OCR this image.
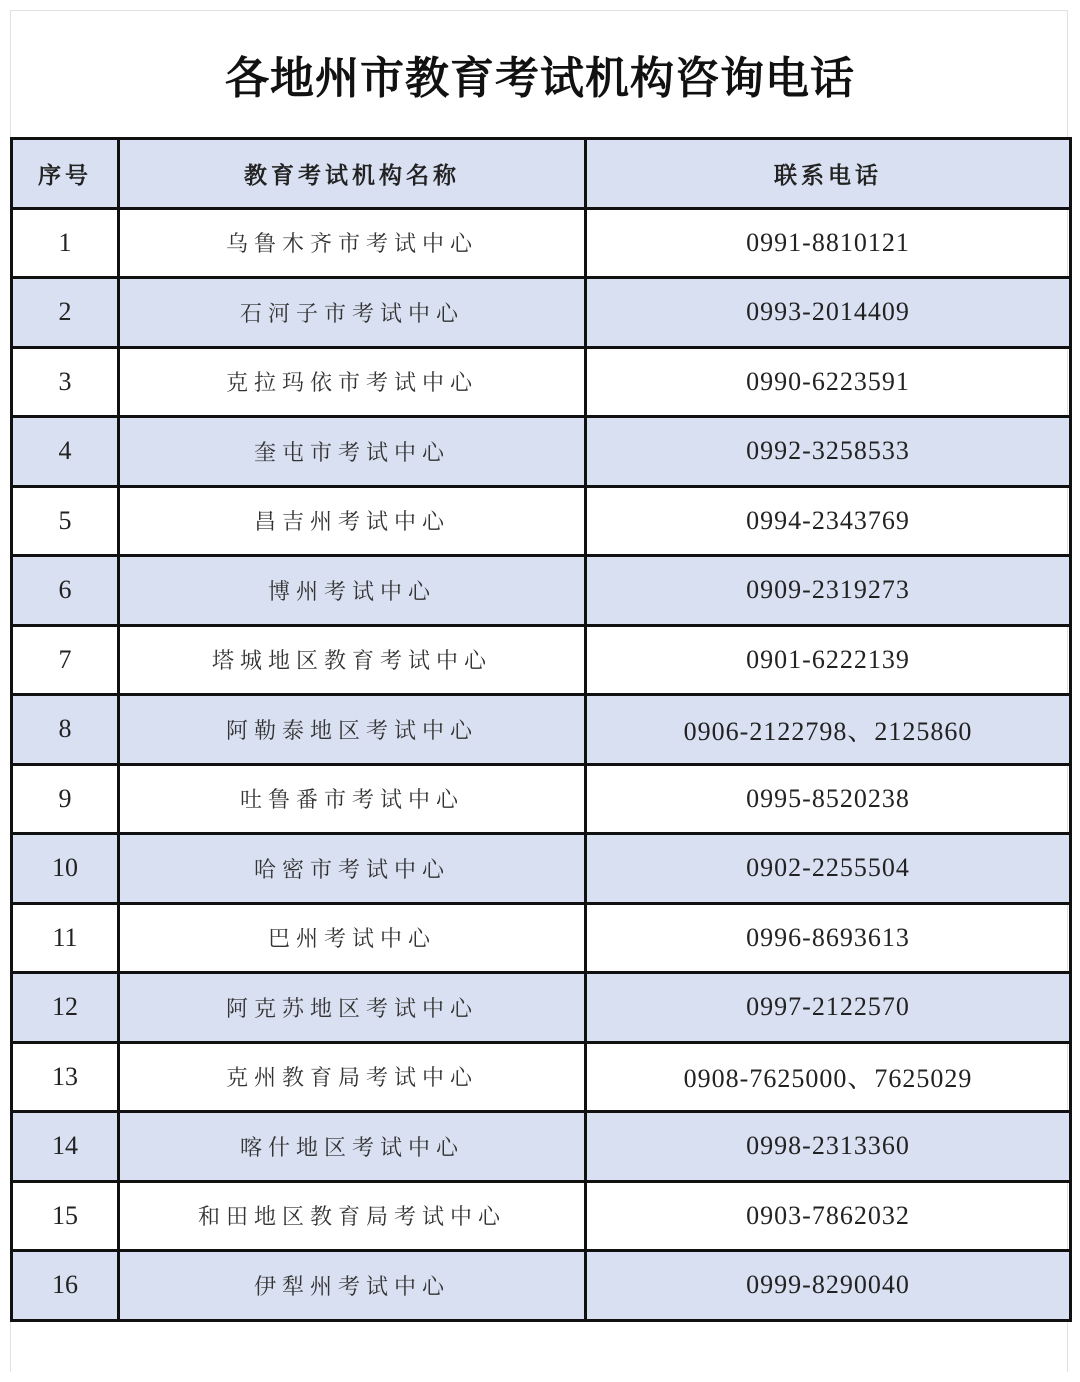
各地州市教育考试机构咨询电话
序号	教育考试机构名称	联系电话
1	乌鲁木齐市考试中心	0991-8810121
2	石河子市考试中心	0993-2014409
3	克拉玛依市考试中心	0990-6223591
4	奎屯市考试中心	0992-3258533
5	昌吉州考试中心	0994-2343769
6	博州考试中心	0909-2319273
7	塔城地区教育考试中心	0901-6222139
8	阿勒泰地区考试中心	0906-2122798、2125860
9	吐鲁番市考试中心	0995-8520238
10	哈密市考试中心	0902-2255504
11	巴州考试中心	0996-8693613
12	阿克苏地区考试中心	0997-2122570
13	克州教育局考试中心	0908-7625000、7625029
14	喀什地区考试中心	0998-2313360
15	和田地区教育局考试中心	0903-7862032
16	伊犁州考试中心	0999-8290040
